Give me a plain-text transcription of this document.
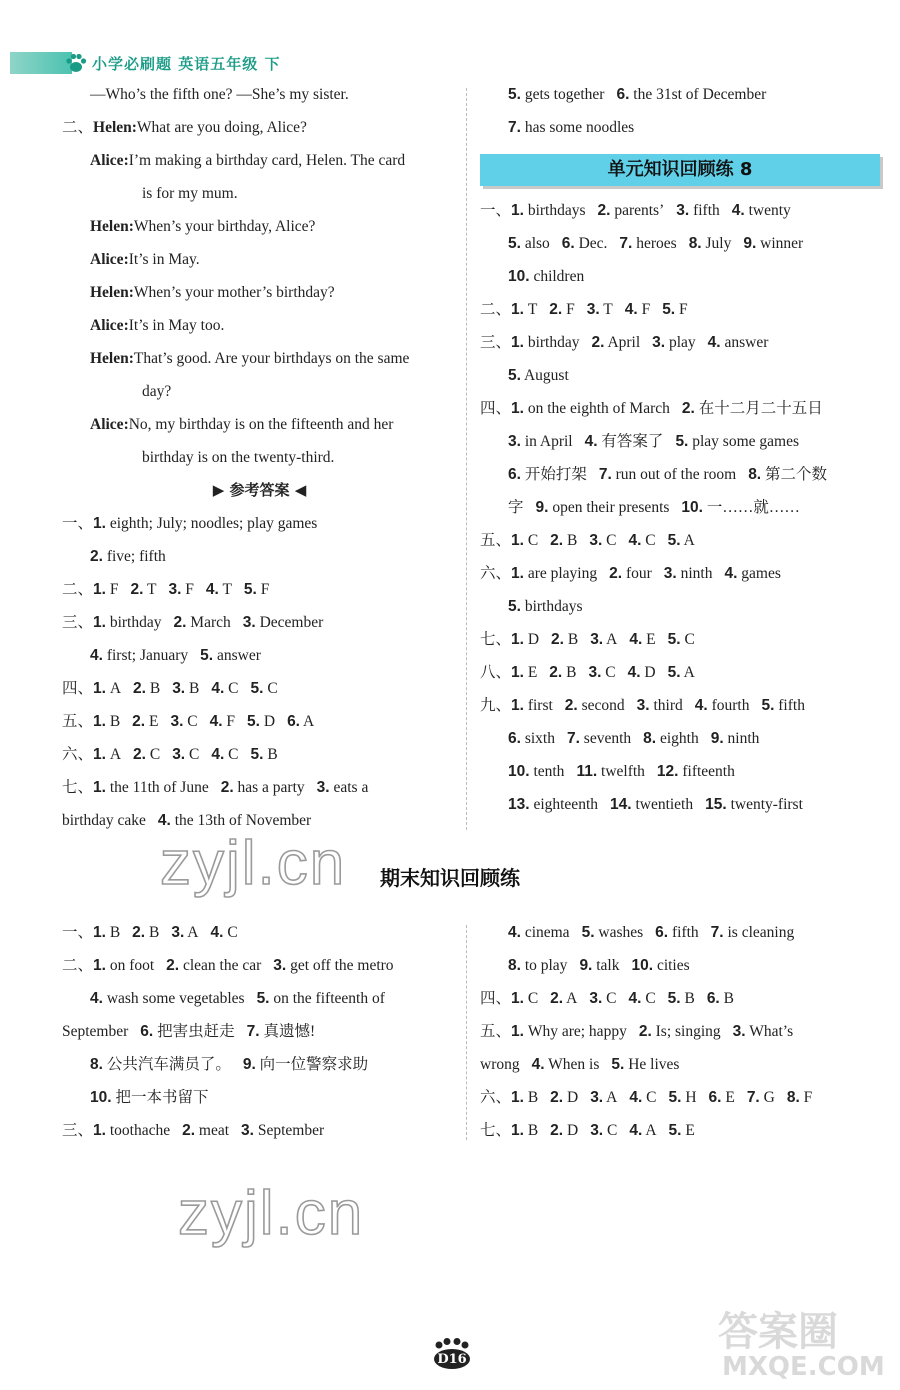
小学必刷题 英语五年级 下
—Who’s the fifth one? —She’s my sister.
二、Helen:What are you doing, Alice?
Alice:I’m making a birthday card, Helen. The card
is for my mum.
Helen:When’s your birthday, Alice?
Alice:It’s in May.
Helen:When’s your mother’s birthday?
Alice:It’s in May too.
Helen:That’s good. Are your birthdays on the same
day?
Alice:No, my birthday is on the fifteenth and her
birthday is on the twenty-third.
▶ 参考答案 ◀
一、1. eighth; July; noodles; play games
2. five; fifth
二、1. F 2. T 3. F 4. T 5. F
三、1. birthday 2. March 3. December
4. first; January 5. answer
四、1. A 2. B 3. B 4. C 5. C
五、1. B 2. E 3. C 4. F 5. D 6. A
六、1. A 2. C 3. C 4. C 5. B
七、1. the 11th of June 2. has a party 3. eats a
birthday cake 4. the 13th of November
5. gets together 6. the 31st of December
7. has some noodles
单元知识回顾练 8
一、1. birthdays 2. parents’ 3. fifth 4. twenty
5. also 6. Dec. 7. heroes 8. July 9. winner
10. children
二、1. T 2. F 3. T 4. F 5. F
三、1. birthday 2. April 3. play 4. answer
5. August
四、1. on the eighth of March 2. 在十二月二十五日
3. in April 4. 有答案了 5. play some games
6. 开始打架 7. run out of the room 8. 第二个数
字 9. open their presents 10. 一……就……
五、1. C 2. B 3. C 4. C 5. A
六、1. are playing 2. four 3. ninth 4. games
5. birthdays
七、1. D 2. B 3. A 4. E 5. C
八、1. E 2. B 3. C 4. D 5. A
九、1. first 2. second 3. third 4. fourth 5. fifth
6. sixth 7. seventh 8. eighth 9. ninth
10. tenth 11. twelfth 12. fifteenth
13. eighteenth 14. twentieth 15. twenty-first
期末知识回顾练
一、1. B 2. B 3. A 4. C
二、1. on foot 2. clean the car 3. get off the metro
4. wash some vegetables 5. on the fifteenth of
September 6. 把害虫赶走 7. 真遗憾!
8. 公共汽车满员了。 9. 向一位警察求助
10. 把一本书留下
三、1. toothache 2. meat 3. September
4. cinema 5. washes 6. fifth 7. is cleaning
8. to play 9. talk 10. cities
四、1. C 2. A 3. C 4. C 5. B 6. B
五、1. Why are; happy 2. Is; singing 3. What’s
wrong 4. When is 5. He lives
六、1. B 2. D 3. A 4. C 5. H 6. E 7. G 8. F
七、1. B 2. D 3. C 4. A 5. E
zyjl.cn
zyjl.cn
答案圈
MXQE.COM
D16
